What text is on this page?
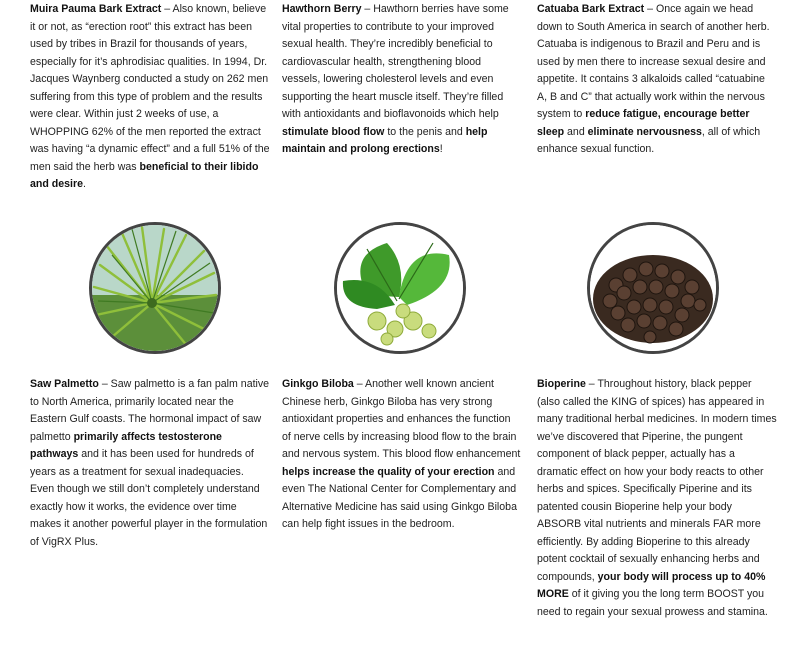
Muira Pauma Bark Extract – Also known, believe it or not, as “erection root” this extract has been used by tribes in Brazil for thousands of years, especially for it’s aphrodisiac qualities. In 1994, Dr. Jacques Waynberg conducted a study on 262 men suffering from this type of problem and the results were clear. Within just 2 weeks of use, a WHOPPING 62% of the men reported the extract was having “a dynamic effect” and a full 51% of the men said the herb was beneficial to their libido and desire.
Hawthorn Berry – Hawthorn berries have some vital properties to contribute to your improved sexual health. They’re incredibly beneficial to cardiovascular health, strengthening blood vessels, lowering cholesterol levels and even supporting the heart muscle itself. They’re filled with antioxidants and bioflavonoids which help stimulate blood flow to the penis and help maintain and prolong erections!
Catuaba Bark Extract – Once again we head down to South America in search of another herb. Catuaba is indigenous to Brazil and Peru and is used by men there to increase sexual desire and appetite. It contains 3 alkaloids called “catuabine A, B and C” that actually work within the nervous system to reduce fatigue, encourage better sleep and eliminate nervousness, all of which enhance sexual function.
Saw Palmetto – Saw palmetto is a fan palm native to North America, primarily located near the Eastern Gulf coasts. The hormonal impact of saw palmetto primarily affects testosterone pathways and it has been used for hundreds of years as a treatment for sexual inadequacies. Even though we still don’t completely understand exactly how it works, the evidence over time makes it another powerful player in the formulation of VigRX Plus.
Ginkgo Biloba – Another well known ancient Chinese herb, Ginkgo Biloba has very strong antioxidant properties and enhances the function of nerve cells by increasing blood flow to the brain and nervous system. This blood flow enhancement helps increase the quality of your erection and even The National Center for Complementary and Alternative Medicine has said using Ginkgo Biloba can help fight issues in the bedroom.
Bioperine – Throughout history, black pepper (also called the KING of spices) has appeared in many traditional herbal medicines. In modern times we’ve discovered that Piperine, the pungent component of black pepper, actually has a dramatic effect on how your body reacts to other herbs and spices. Specifically Piperine and its patented cousin Bioperine help your body ABSORB vital nutrients and minerals FAR more efficiently. By adding Bioperine to this already potent cocktail of sexually enhancing herbs and compounds, your body will process up to 40% MORE of it giving you the long term BOOST you need to regain your sexual prowess and stamina.
